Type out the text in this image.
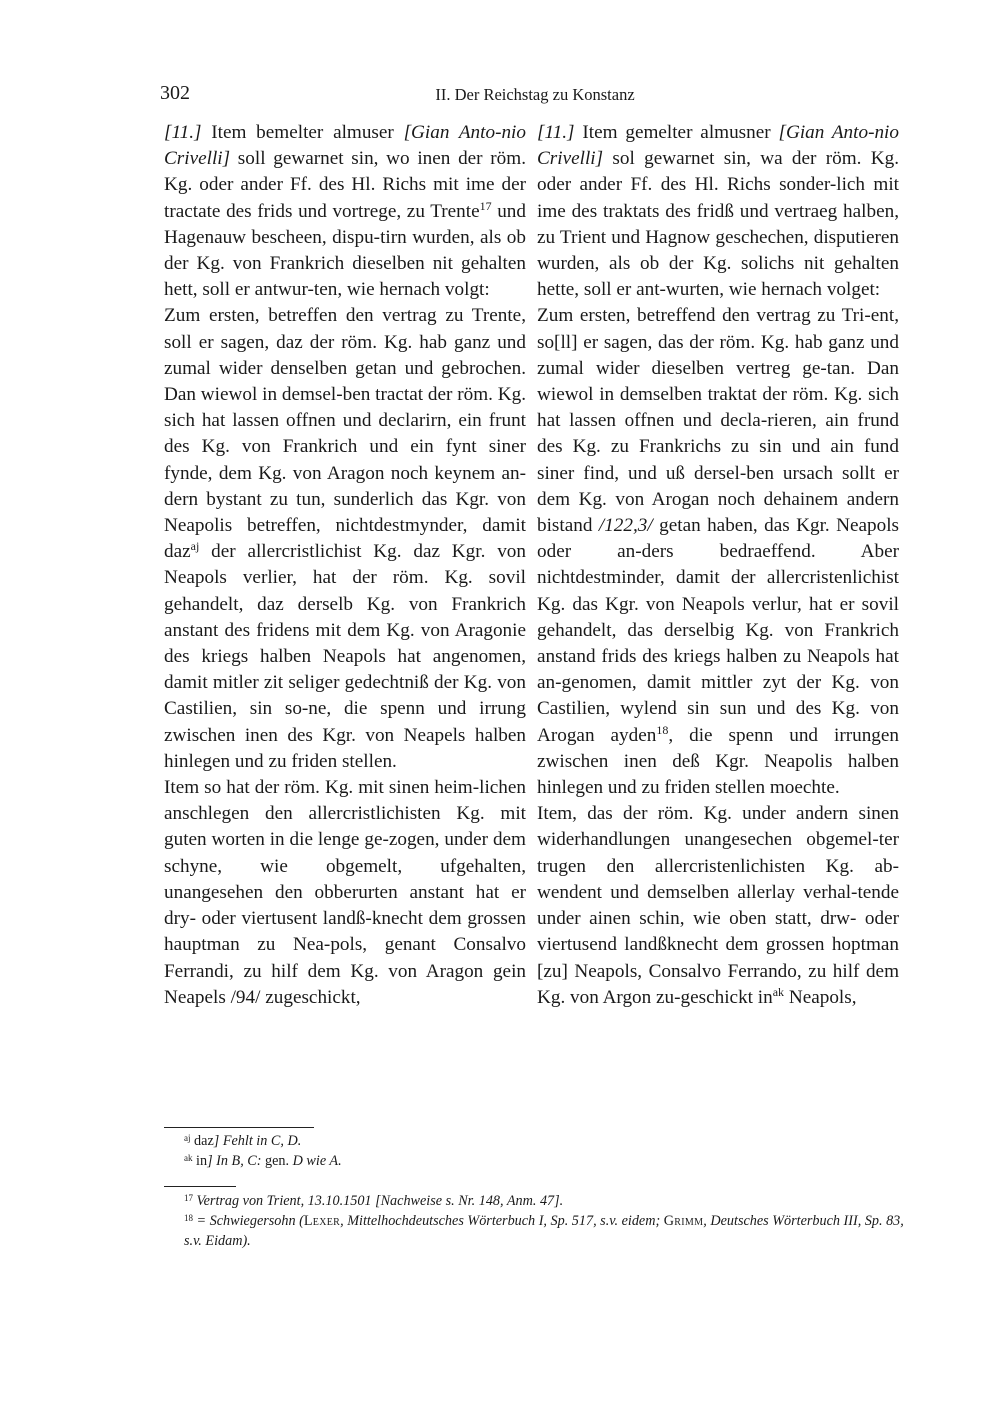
302	II. Der Reichstag zu Konstanz

[11.] Item bemelter almuser [Gian Anto-nio Crivelli] soll gewarnet sin, wo inen der röm. Kg. oder ander Ff. des Hl. Richs mit ime der tractate des frids und vortrege, zu Trente$^{17}$ und Hagenauw bescheen, dispu-tirn wurden, als ob der Kg. von Frankrich dieselben nit gehalten hett, soll er antwur-ten, wie hernach volgt:

Zum ersten, betreffen den vertrag zu Trente, soll er sagen, daz der röm. Kg. hab ganz und zumal wider denselben getan und gebrochen. Dan wiewol in demsel-ben tractat der röm. Kg. sich hat lassen offnen und declarirn, ein frunt des Kg. von Frankrich und ein fynt siner fynde, dem Kg. von Aragon noch keynem an-dern bystant zu tun, sunderlich das Kgr. von Neapolis betreffen, nichtdestmynder, damit daz$^{aj}$ der allercristlichist Kg. daz Kgr. von Neapols verlier, hat der röm. Kg. sovil gehandelt, daz derselb Kg. von Frankrich anstant des fridens mit dem Kg. von Aragonie des kriegs halben Neapols hat angenomen, damit mitler zit seliger gedechtniß der Kg. von Castilien, sin so-ne, die spenn und irrung zwischen inen des Kgr. von Neapels halben hinlegen und zu friden stellen.

Item so hat der röm. Kg. mit sinen heim-lichen anschlegen den allercristlichisten Kg. mit guten worten in die lenge ge-zogen, under dem schyne, wie obgemelt, ufgehalten, unangesehen den obberurten anstant hat er dry- oder viertusent landß-knecht dem grossen hauptman zu Nea-pols, genant Consalvo Ferrandi, zu hilf dem Kg. von Aragon gein Neapels /94/ zugeschickt,

[11.] Item gemelter almusner [Gian Anto-nio Crivelli] sol gewarnet sin, wa der röm. Kg. oder ander Ff. des Hl. Richs sonder-lich mit ime des traktats des fridß und vertraeg halben, zu Trient und Hagnow geschechen, disputieren wurden, als ob der Kg. solichs nit gehalten hette, soll er ant-wurten, wie hernach volget:

Zum ersten, betreffend den vertrag zu Tri-ent, so[ll] er sagen, das der röm. Kg. hab ganz und zumal wider dieselben vertreg ge-tan. Dan wiewol in demselben traktat der röm. Kg. sich hat lassen offnen und decla-rieren, ain frund des Kg. zu Frankrichs zu sin und ain fund siner find, und uß dersel-ben ursach sollt er dem Kg. von Arogan noch dehainem andern bistand /122,3/ getan haben, das Kgr. Neapols oder an-ders bedraeffend. Aber nichtdestminder, damit der allercristenlichist Kg. das Kgr. von Neapols verlur, hat er sovil gehandelt, das derselbig Kg. von Frankrich anstand frids des kriegs halben zu Neapols hat an-genomen, damit mittler zyt der Kg. von Castilien, wylend sin sun und des Kg. von Arogan ayden$^{18}$, die spenn und irrungen zwischen inen deß Kgr. Neapolis halben hinlegen und zu friden stellen moechte.

Item, das der röm. Kg. under andern sinen widerhandlungen unangesechen obgemel-ter trugen den allercristenlichisten Kg. ab-wendent und demselben allerlay verhal-tende under ainen schin, wie oben statt, drw- oder viertusend landßknecht dem grossen hoptman [zu] Neapols, Consalvo Ferrando, zu hilf dem Kg. von Argon zu-geschickt $in^{ak}$ Neapols,

$^{aj}$ daz] Fehlt in C, D.

$^{ak}$ in] In B, C: gen. D wie A.

$^{17}$ Vertrag von Trient, 13.10.1501 [Nachweise s. Nr. 148, Anm. 47].

$^{18}$ = Schwiegersohn (Lexer, Mittelhochdeutsches Wörterbuch I, Sp. 517, s.v. eidem; Grimm, Deutsches Wörterbuch III, Sp. 83, s.v. Eidam).
